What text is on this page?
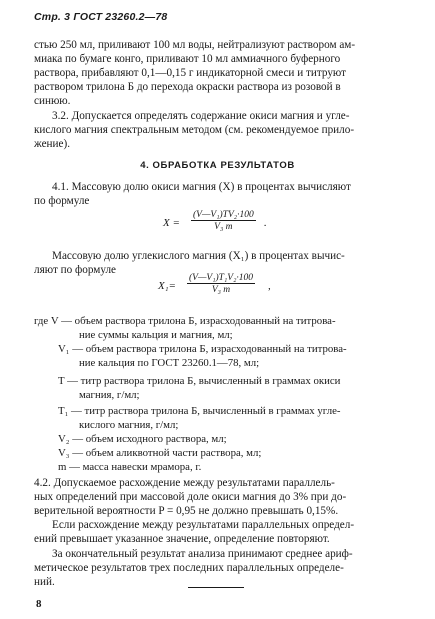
Стр. 3 ГОСТ 23260.2—78
стью 250 мл, приливают 100 мл воды, нейтрализуют раствором ам-
миака по бумаге конго, приливают 10 мл аммиачного буферного
раствора, прибавляют 0,1—0,15 г индикаторной смеси и титруют
раствором трилона Б до перехода окраски раствора из розовой в
синюю.
3.2. Допускается определять содержание окиси магния и угле-
кислого магния спектральным методом (см. рекомендуемое прило-
жение).
4. ОБРАБОТКА РЕЗУЛЬТАТОВ
4.1. Массовую долю окиси магния (X) в процентах вычисляют
по формуле
$X = \frac{\text{(V—V₁)TV₂·100}}{\text{V₃ m}}$ .
Массовую долю углекислого магния (X₁) в процентах вычис-
ляют по формуле
$X_1= \frac{\text{(V—V₁)T₁V₂·100}}{\text{V₃ m}}$ ,
где V — объем раствора трилона Б, израсходованный на титрова-
ние суммы кальция и магния, мл;
V₁ — объем раствора трилона Б, израсходованный на титрова-
ние кальция по ГОСТ 23260.1—78, мл;
T — титр раствора трилона Б, вычисленный в граммах окиси
магния, г/мл;
T₁ — титр раствора трилона Б, вычисленный в граммах угле-
кислого магния, г/мл;
V₂ — объем исходного раствора, мл;
V₃ — объем аликвотной части раствора, мл;
m — масса навески мрамора, г.
4.2. Допускаемое расхождение между результатами параллель-
ных определений при массовой доле окиси магния до 3% при до-
верительной вероятности P = 0,95 не должно превышать 0,15%.
Если расхождение между результатами параллельных определ-
ений превышает указанное значение, определение повторяют.
За окончательный результат анализа принимают среднее ариф-
метическое результатов трех последних параллельных определе-
ний.
8
